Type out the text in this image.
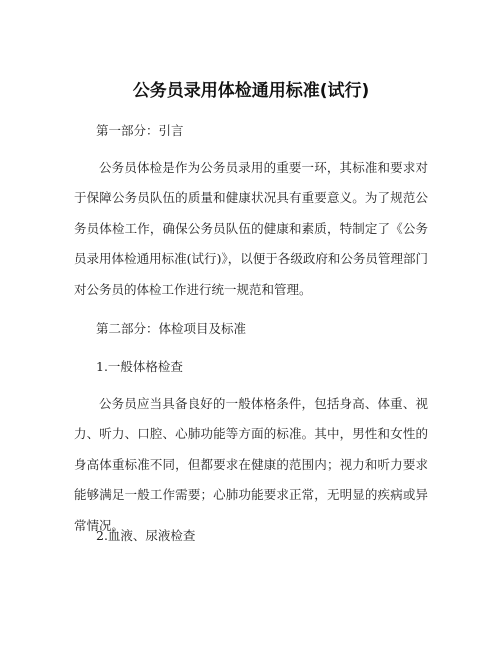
公务员录用体检通用标准(试行)
第一部分：引言
公务员体检是作为公务员录用的重要一环，其标准和要求对于保障公务员队伍的质量和健康状况具有重要意义。为了规范公务员体检工作，确保公务员队伍的健康和素质，特制定了《公务员录用体检通用标准(试行)》，以便于各级政府和公务员管理部门对公务员的体检工作进行统一规范和管理。
第二部分：体检项目及标准
1.一般体格检查
公务员应当具备良好的一般体格条件，包括身高、体重、视力、听力、口腔、心肺功能等方面的标准。其中，男性和女性的身高体重标准不同，但都要求在健康的范围内；视力和听力要求能够满足一般工作需要；心肺功能要求正常，无明显的疾病或异常情况。
2.血液、尿液检查
